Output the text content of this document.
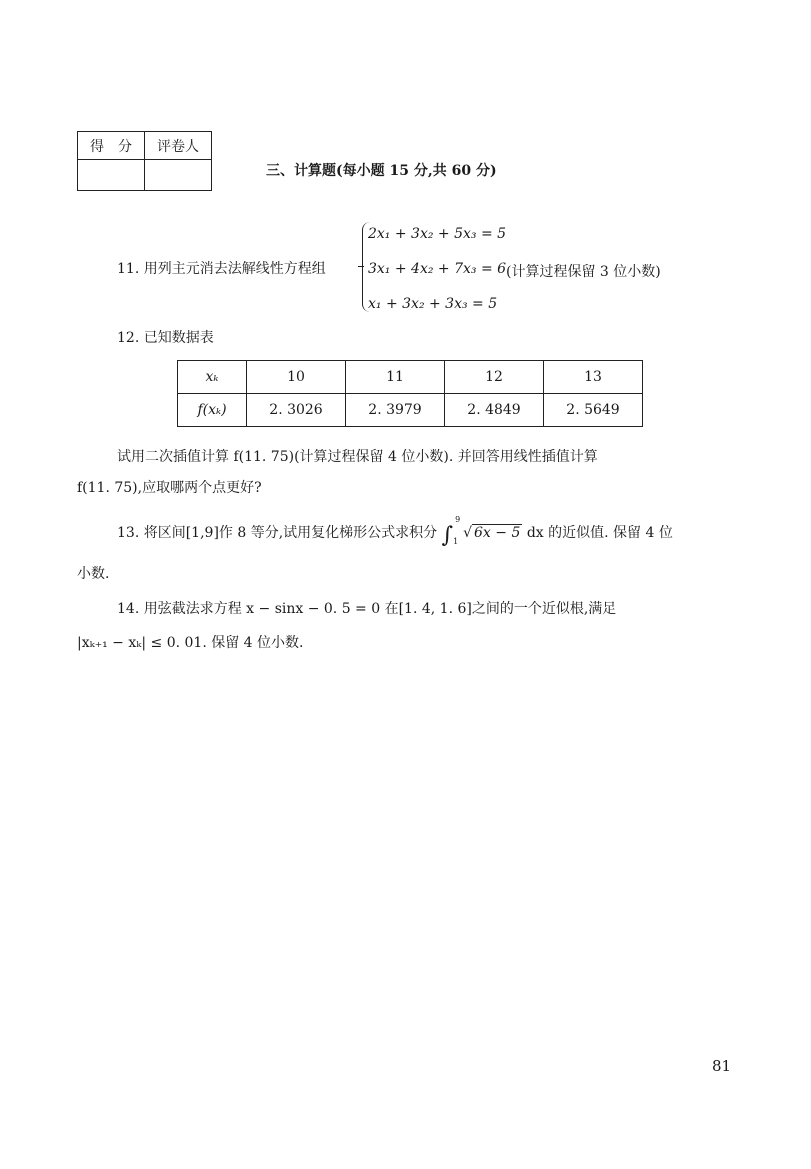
得　分	评卷人

三、计算题(每小题 15 分,共 60 分)
11. 用列主元消去法解线性方程组
2x₁ + 3x₂ + 5x₃ = 5
3x₁ + 4x₂ + 7x₃ = 6 (计算过程保留 3 位小数)
x₁ + 3x₂ + 3x₃ = 5
12. 已知数据表
xₖ	10	11	12	13
f(xₖ)	2. 3026	2. 3979	2. 4849	2. 5649
试用二次插值计算 f(11. 75)(计算过程保留 4 位小数). 并回答用线性插值计算
f(11. 75),应取哪两个点更好?
13. 将区间[1,9]作 8 等分,试用复化梯形公式求积分 ∫
9
1
√ 6x − 5 dx 的近似值. 保留 4 位
小数.
14. 用弦截法求方程 x − sinx − 0. 5 = 0 在[1. 4, 1. 6]之间的一个近似根,满足
|xₖ₊₁ − xₖ| ≤ 0. 01. 保留 4 位小数.
81
